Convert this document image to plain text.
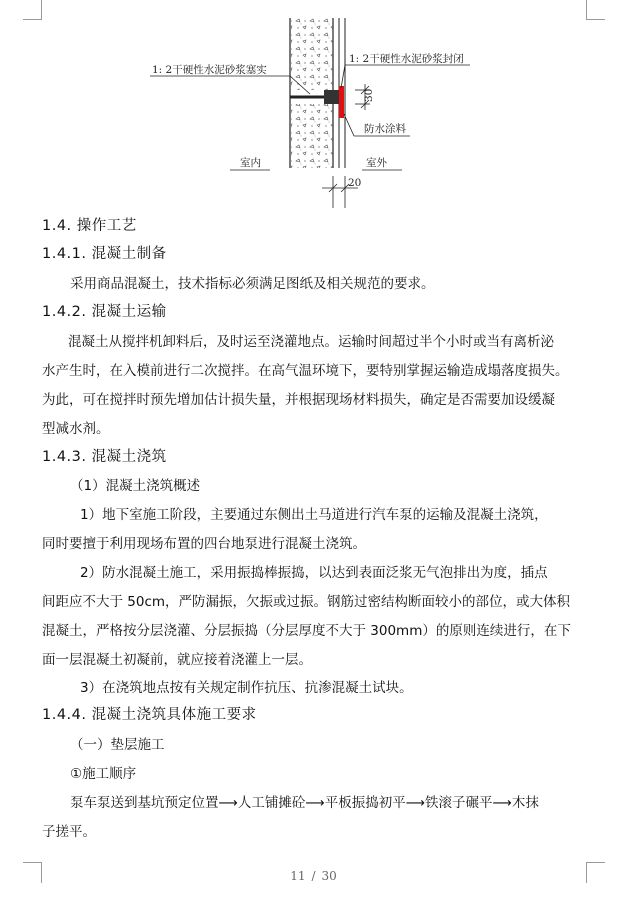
30
1: 2干硬性水泥砂浆塞实
1: 2干硬性水泥砂浆封闭
防水涂料
室内	室外
20
1.4. 操作工艺
1.4.1. 混凝土制备
采用商品混凝土，技术指标必须满足图纸及相关规范的要求。
1.4.2. 混凝土运输
混凝土从搅拌机卸料后，及时运至浇灌地点。运输时间超过半个小时或当有离析泌
水产生时，在入模前进行二次搅拌。在高气温环境下，要特别掌握运输造成塌落度损失。
为此，可在搅拌时预先增加估计损失量，并根据现场材料损失，确定是否需要加设缓凝
型减水剂。
1.4.3. 混凝土浇筑
（1）混凝土浇筑概述
1）地下室施工阶段，主要通过东侧出土马道进行汽车泵的运输及混凝土浇筑，
同时要擅于利用现场布置的四台地泵进行混凝土浇筑。
2）防水混凝土施工，采用振捣棒振捣，以达到表面泛浆无气泡排出为度，插点
间距应不大于 50cm，严防漏振，欠振或过振。钢筋过密结构断面较小的部位，或大体积
混凝土，严格按分层浇灌、分层振捣（分层厚度不大于 300mm）的原则连续进行，在下
面一层混凝土初凝前，就应接着浇灌上一层。
3）在浇筑地点按有关规定制作抗压、抗渗混凝土试块。
1.4.4. 混凝土浇筑具体施工要求
（一）垫层施工
①施工顺序
泵车泵送到基坑预定位置⟶人工铺摊砼⟶平板振捣初平⟶铁滚子碾平⟶木抹
子搓平。
11 / 30
